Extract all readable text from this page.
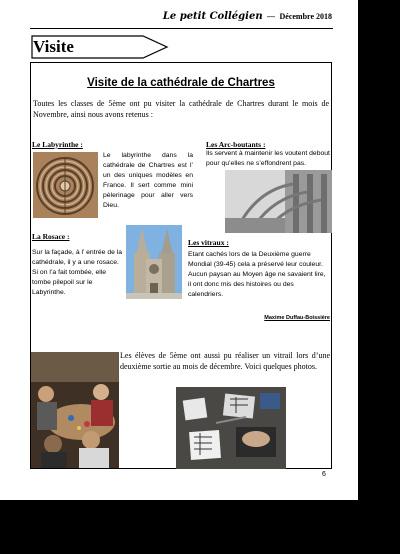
Le petit Collégien — Décembre 2018
Visite
Visite de la cathédrale de Chartres
Toutes les classes de 5ème ont pu visiter la cathédrale de Chartres durant le mois de Novembre, ainsi nous avons retenus :
Le Labyrinthe :
Le labyrinthe dans la cathédrale de Chartres est l’ un des uniques modèles en France. Il sert comme mini pèlerinage pour aller vers Dieu.
Les Arc-boutants :
Ils servent à maintenir les voutent debout pour qu’elles ne s’effondrent pas.
La Rosace :
Sur la façade, à l’ entrée de la cathédrale, il y a une rosace. Si on l’a fait tombée, elle tombe pilepoil sur le Labyrinthe.
Les vitraux :
Etant cachés lors de la Deuxième guerre Mondial (39-45) cela a préservé leur couleur. Aucun paysan au Moyen âge ne savaient lire, il ont donc mis des histoires ou des calendriers.
Maxime Duffau-Boissière
Les élèves de 5ème ont aussi pu réaliser un vitrail lors d’une deuxième sortie au mois de décembre. Voici quelques photos.
6
